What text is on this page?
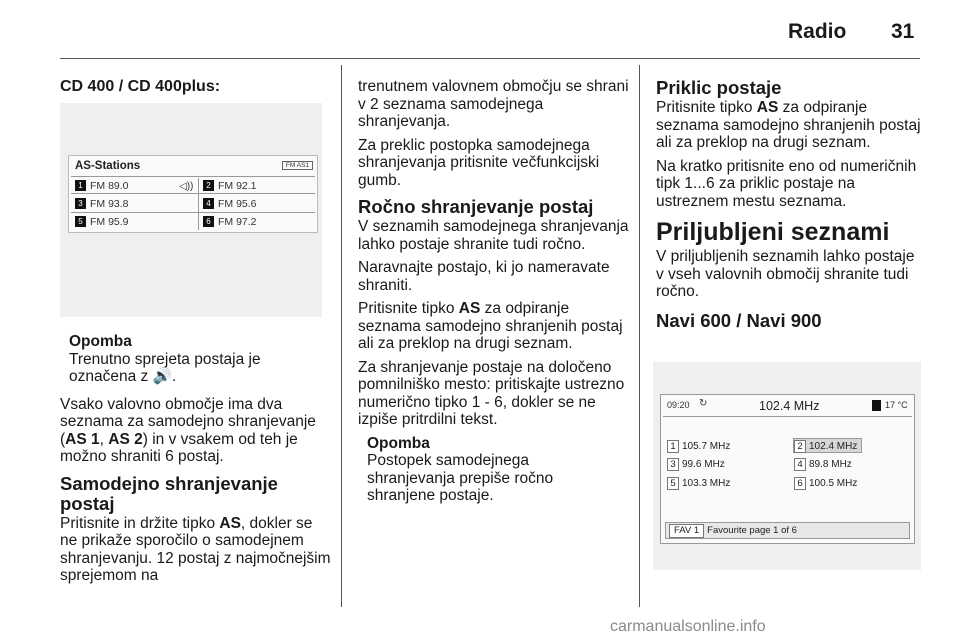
Radio 31
CD 400 / CD 400plus:
AS-Stations	FM AS1
◁))
1 FM 89.0	2 FM 92.1
3 FM 93.8	4 FM 95.6
5 FM 95.9	6 FM 97.2
Opomba
Trenutno sprejeta postaja je
označena z 🔊.

Vsako valovno območje ima dva seznama za samodejno shranjevanje (AS 1, AS 2) in v vsakem od teh je možno shraniti 6 postaj.

Samodejno shranjevanje postaj

Pritisnite in držite tipko AS, dokler se ne prikaže sporočilo o samodejnem shranjevanju. 12 postaj z najmočnejšim sprejemom na

trenutnem valovnem območju se shrani v 2 seznama samodejnega shranjevanja.

Za preklic postopka samodejnega shranjevanja pritisnite večfunkcijski gumb.

Ročno shranjevanje postaj

V seznamih samodejnega shranjevanja lahko postaje shranite tudi ročno.

Naravnajte postajo, ki jo nameravate shraniti.

Pritisnite tipko AS za odpiranje seznama samodejno shranjenih postaj ali za preklop na drugi seznam.

Za shranjevanje postaje na določeno pomnilniško mesto: pritiskajte ustrezno numerično tipko 1 - 6, dokler se ne izpiše pritrdilni tekst.

Opomba
Postopek samodejnega shranjevanja prepiše ročno shranjene postaje.
Priklic postaje

Pritisnite tipko AS za odpiranje seznama samodejno shranjenih postaj ali za preklop na drugi seznam.

Na kratko pritisnite eno od numeričnih tipk 1...6 za priklic postaje na ustreznem mestu seznama.

Priljubljeni seznami

V priljubljenih seznamih lahko postaje v vseh valovnih območij shranite tudi ročno.

Navi 600 / Navi 900
09:20 ↻	102.4 MHz	17 °C
1 105.7 MHz	2 102.4 MHz
3 99.6 MHz	4 89.8 MHz
5 103.3 MHz	6 100.5 MHz
FAV 1 Favourite page 1 of 6
carmanualsonline.info
